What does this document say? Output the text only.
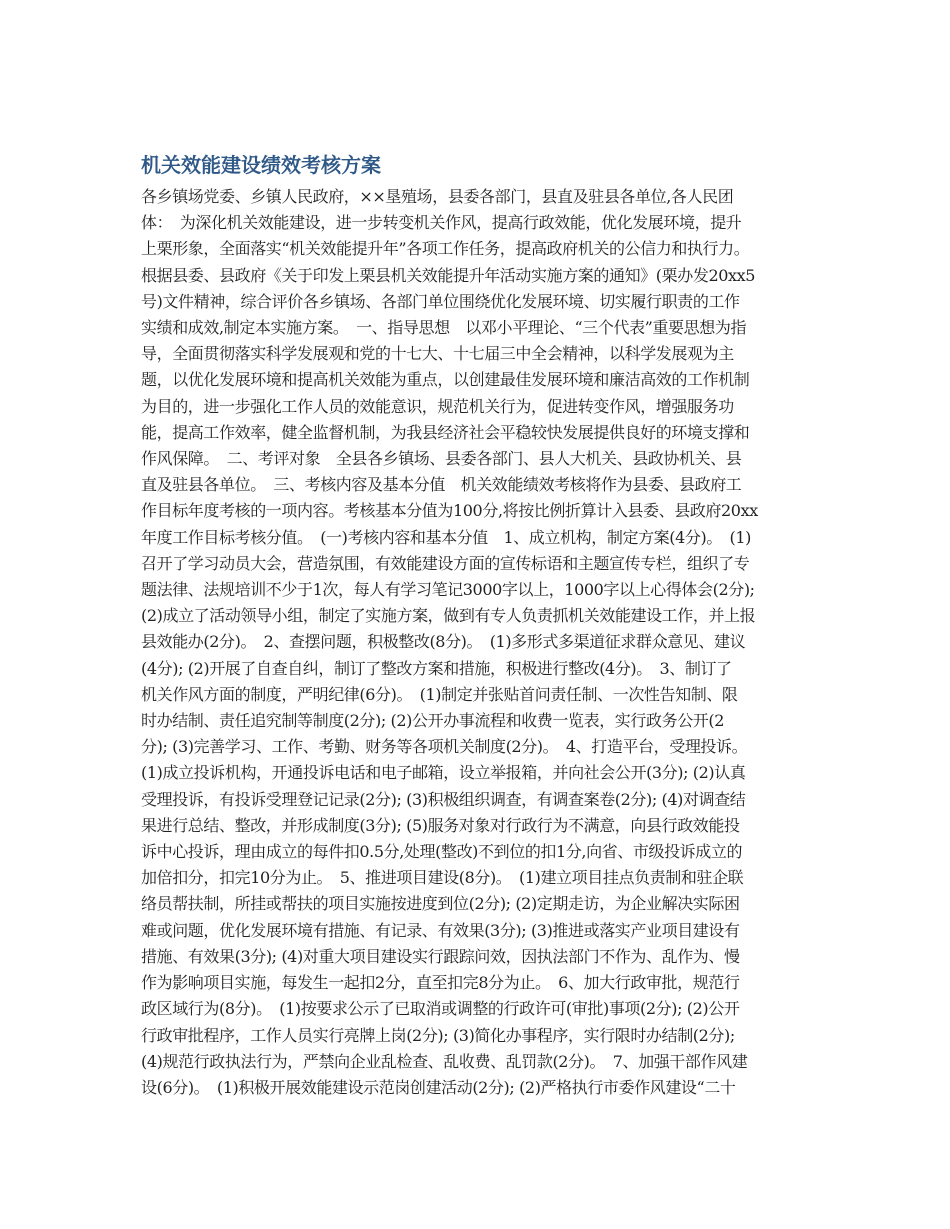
机关效能建设绩效考核方案
各乡镇场党委、乡镇人民政府，××垦殖场，县委各部门，县直及驻县各单位,各人民团
体：　为深化机关效能建设，进一步转变机关作风，提高行政效能，优化发展环境，提升
上栗形象，全面落实“机关效能提升年”各项工作任务，提高政府机关的公信力和执行力。
根据县委、县政府《关于印发上栗县机关效能提升年活动实施方案的通知》(栗办发20xx5
号)文件精神，综合评价各乡镇场、各部门单位围绕优化发展环境、切实履行职责的工作
实绩和成效,制定本实施方案。　一、指导思想　以邓小平理论、“三个代表”重要思想为指
导，全面贯彻落实科学发展观和党的十七大、十七届三中全会精神，以科学发展观为主
题，以优化发展环境和提高机关效能为重点，以创建最佳发展环境和廉洁高效的工作机制
为目的，进一步强化工作人员的效能意识，规范机关行为，促进转变作风，增强服务功
能，提高工作效率，健全监督机制，为我县经济社会平稳较快发展提供良好的环境支撑和
作风保障。　二、考评对象　全县各乡镇场、县委各部门、县人大机关、县政协机关、县
直及驻县各单位。　三、考核内容及基本分值　机关效能绩效考核将作为县委、县政府工
作目标年度考核的一项内容。考核基本分值为100分,将按比例折算计入县委、县政府20xx
年度工作目标考核分值。　(一)考核内容和基本分值　1、成立机构，制定方案(4分)。　(1)
召开了学习动员大会，营造氛围，有效能建设方面的宣传标语和主题宣传专栏，组织了专
题法律、法规培训不少于1次，每人有学习笔记3000字以上，1000字以上心得体会(2分);
(2)成立了活动领导小组，制定了实施方案，做到有专人负责抓机关效能建设工作，并上报
县效能办(2分)。　2、查摆问题，积极整改(8分)。　(1)多形式多渠道征求群众意见、建议
(4分); (2)开展了自查自纠，制订了整改方案和措施，积极进行整改(4分)。　3、制订了
机关作风方面的制度，严明纪律(6分)。　(1)制定并张贴首问责任制、一次性告知制、限
时办结制、责任追究制等制度(2分); (2)公开办事流程和收费一览表，实行政务公开(2
分); (3)完善学习、工作、考勤、财务等各项机关制度(2分)。　4、打造平台，受理投诉。
(1)成立投诉机构，开通投诉电话和电子邮箱，设立举报箱，并向社会公开(3分); (2)认真
受理投诉，有投诉受理登记记录(2分); (3)积极组织调查，有调查案卷(2分); (4)对调查结
果进行总结、整改，并形成制度(3分); (5)服务对象对行政行为不满意，向县行政效能投
诉中心投诉，理由成立的每件扣0.5分,处理(整改)不到位的扣1分,向省、市级投诉成立的
加倍扣分，扣完10分为止。　5、推进项目建设(8分)。　(1)建立项目挂点负责制和驻企联
络员帮扶制，所挂或帮扶的项目实施按进度到位(2分); (2)定期走访，为企业解决实际困
难或问题，优化发展环境有措施、有记录、有效果(3分); (3)推进或落实产业项目建设有
措施、有效果(3分); (4)对重大项目建设实行跟踪问效，因执法部门不作为、乱作为、慢
作为影响项目实施，每发生一起扣2分，直至扣完8分为止。　6、加大行政审批，规范行
政区域行为(8分)。　(1)按要求公示了已取消或调整的行政许可(审批)事项(2分); (2)公开
行政审批程序，工作人员实行亮牌上岗(2分); (3)简化办事程序，实行限时办结制(2分);
(4)规范行政执法行为，严禁向企业乱检查、乱收费、乱罚款(2分)。　7、加强干部作风建
设(6分)。　(1)积极开展效能建设示范岗创建活动(2分); (2)严格执行市委作风建设“二十
